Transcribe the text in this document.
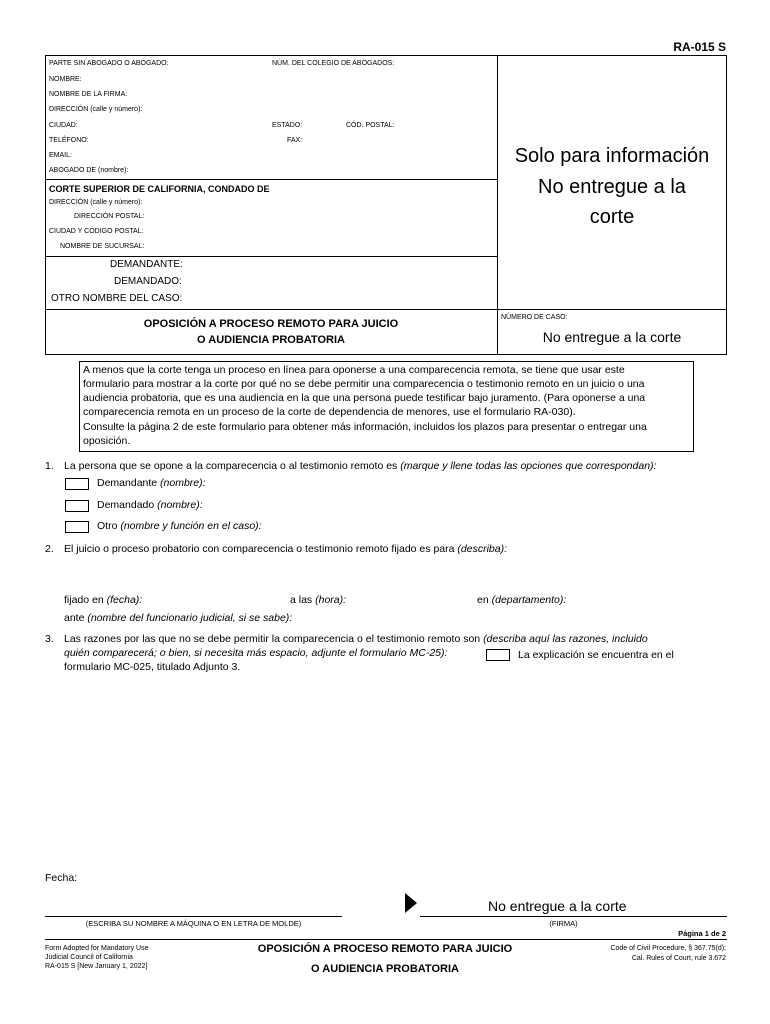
RA-015 S
PARTE SIN ABOGADO O ABOGADO:	NÚM. DEL COLEGIO DE ABOGADOS:
NOMBRE:
NOMBRE DE LA FIRMA:
DIRECCIÓN (calle y número):
CIUDAD:	ESTADO:	CÓD. POSTAL:
TELÉFONO:	FAX:
EMAIL:
ABOGADO DE (nombre):
CORTE SUPERIOR DE CALIFORNIA, CONDADO DE
DIRECCIÓN (calle y número):
DIRECCIÓN POSTAL:
CIUDAD Y CÓDIGO POSTAL:
NOMBRE DE SUCURSAL:
DEMANDANTE:
DEMANDADO:
OTRO NOMBRE DEL CASO:
OPOSICIÓN A PROCESO REMOTO PARA JUICIO
O AUDIENCIA PROBATORIA
Solo para información
No entregue a la
corte
NÚMERO DE CASO:
No entregue a la corte
A menos que la corte tenga un proceso en línea para oponerse a una comparecencia remota, se tiene que usar este
formulario para mostrar a la corte por qué no se debe permitir una comparecencia o testimonio remoto en un juicio o una
audiencia probatoria, que es una audiencia en la que una persona puede testificar bajo juramento. (Para oponerse a una
comparecencia remota en un proceso de la corte de dependencia de menores, use el formulario RA-030).
Consulte la página 2 de este formulario para obtener más información, incluidos los plazos para presentar o entregar una
oposición.
1. La persona que se opone a la comparecencia o al testimonio remoto es (marque y llene todas las opciones que correspondan):
Demandante (nombre):
Demandado (nombre):
Otro (nombre y función en el caso):
2. El juicio o proceso probatorio con comparecencia o testimonio remoto fijado es para (describa):
fijado en (fecha):	a las (hora):	en (departamento):
ante (nombre del funcionario judicial, si se sabe):
3. Las razones por las que no se debe permitir la comparecencia o el testimonio remoto son (describa aquí las razones, incluido
quién comparecerá; o bien, si necesita más espacio, adjunte el formulario MC-25):	La explicación se encuentra en el
formulario MC-025, titulado Adjunto 3.
Fecha:
(ESCRIBA SU NOMBRE A MÁQUINA O EN LETRA DE MOLDE)
No entregue a la corte
(FIRMA)
Página 1 de 2
Form Adopted for Mandatory Use
Judicial Council of California
RA-015 S [New January 1, 2022]
OPOSICIÓN A PROCESO REMOTO PARA JUICIO
O AUDIENCIA PROBATORIA
Code of Civil Procedure, § 367.75(d);
Cal. Rules of Court, rule 3.672
